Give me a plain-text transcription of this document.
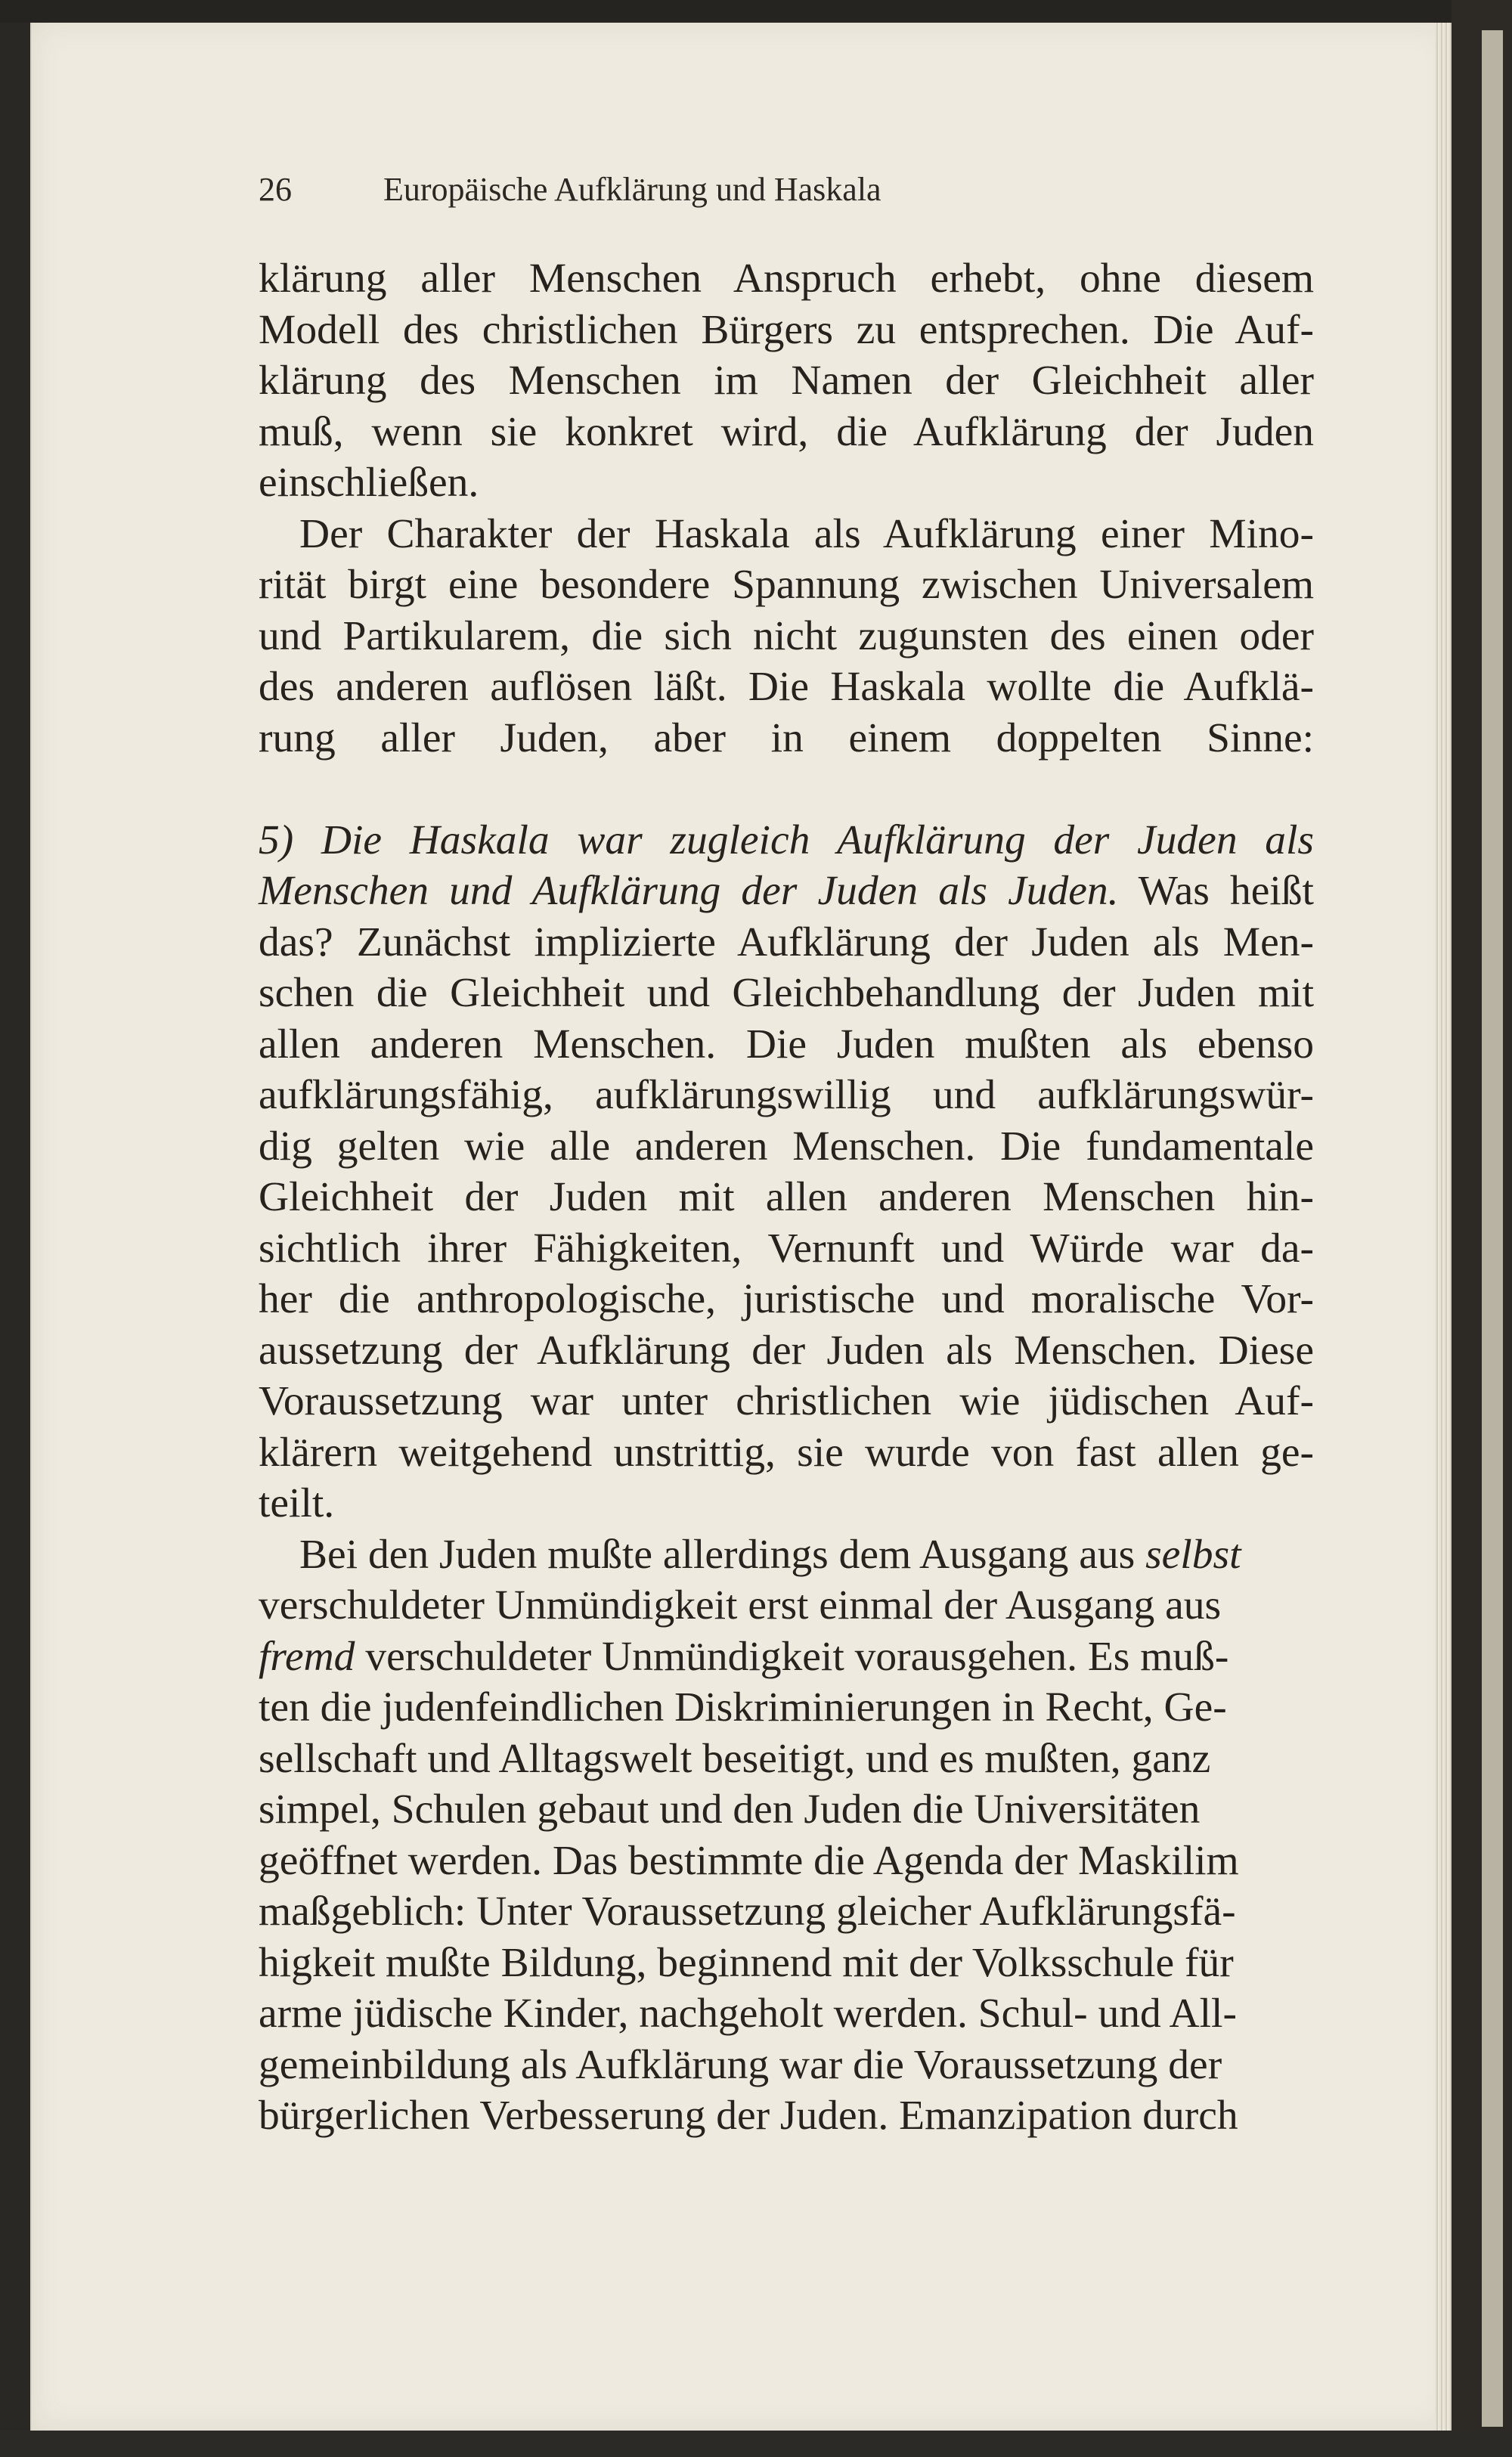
26	Europäische Aufklärung und Haskala

klärung aller Menschen Anspruch erhebt, ohne diesem
Modell des christlichen Bürgers zu entsprechen. Die Auf-
klärung des Menschen im Namen der Gleichheit aller
muß, wenn sie konkret wird, die Aufklärung der Juden
einschließen.

Der Charakter der Haskala als Aufklärung einer Mino-
rität birgt eine besondere Spannung zwischen Universalem
und Partikularem, die sich nicht zugunsten des einen oder
des anderen auflösen läßt. Die Haskala wollte die Aufklä-
rung aller Juden, aber in einem doppelten Sinne:

5) Die Haskala war zugleich Aufklärung der Juden als
Menschen und Aufklärung der Juden als Juden. Was heißt
das? Zunächst implizierte Aufklärung der Juden als Men-
schen die Gleichheit und Gleichbehandlung der Juden mit
allen anderen Menschen. Die Juden mußten als ebenso
aufklärungsfähig, aufklärungswillig und aufklärungswür-
dig gelten wie alle anderen Menschen. Die fundamentale
Gleichheit der Juden mit allen anderen Menschen hin-
sichtlich ihrer Fähigkeiten, Vernunft und Würde war da-
her die anthropologische, juristische und moralische Vor-
aussetzung der Aufklärung der Juden als Menschen. Diese
Voraussetzung war unter christlichen wie jüdischen Auf-
klärern weitgehend unstrittig, sie wurde von fast allen ge-
teilt.

Bei den Juden mußte allerdings dem Ausgang aus selbst
verschuldeter Unmündigkeit erst einmal der Ausgang aus
fremd verschuldeter Unmündigkeit vorausgehen. Es muß-
ten die judenfeindlichen Diskriminierungen in Recht, Ge-
sellschaft und Alltagswelt beseitigt, und es mußten, ganz
simpel, Schulen gebaut und den Juden die Universitäten
geöffnet werden. Das bestimmte die Agenda der Maskilim
maßgeblich: Unter Voraussetzung gleicher Aufklärungsfä-
higkeit mußte Bildung, beginnend mit der Volksschule für
arme jüdische Kinder, nachgeholt werden. Schul- und All-
gemeinbildung als Aufklärung war die Voraussetzung der
bürgerlichen Verbesserung der Juden. Emanzipation durch
